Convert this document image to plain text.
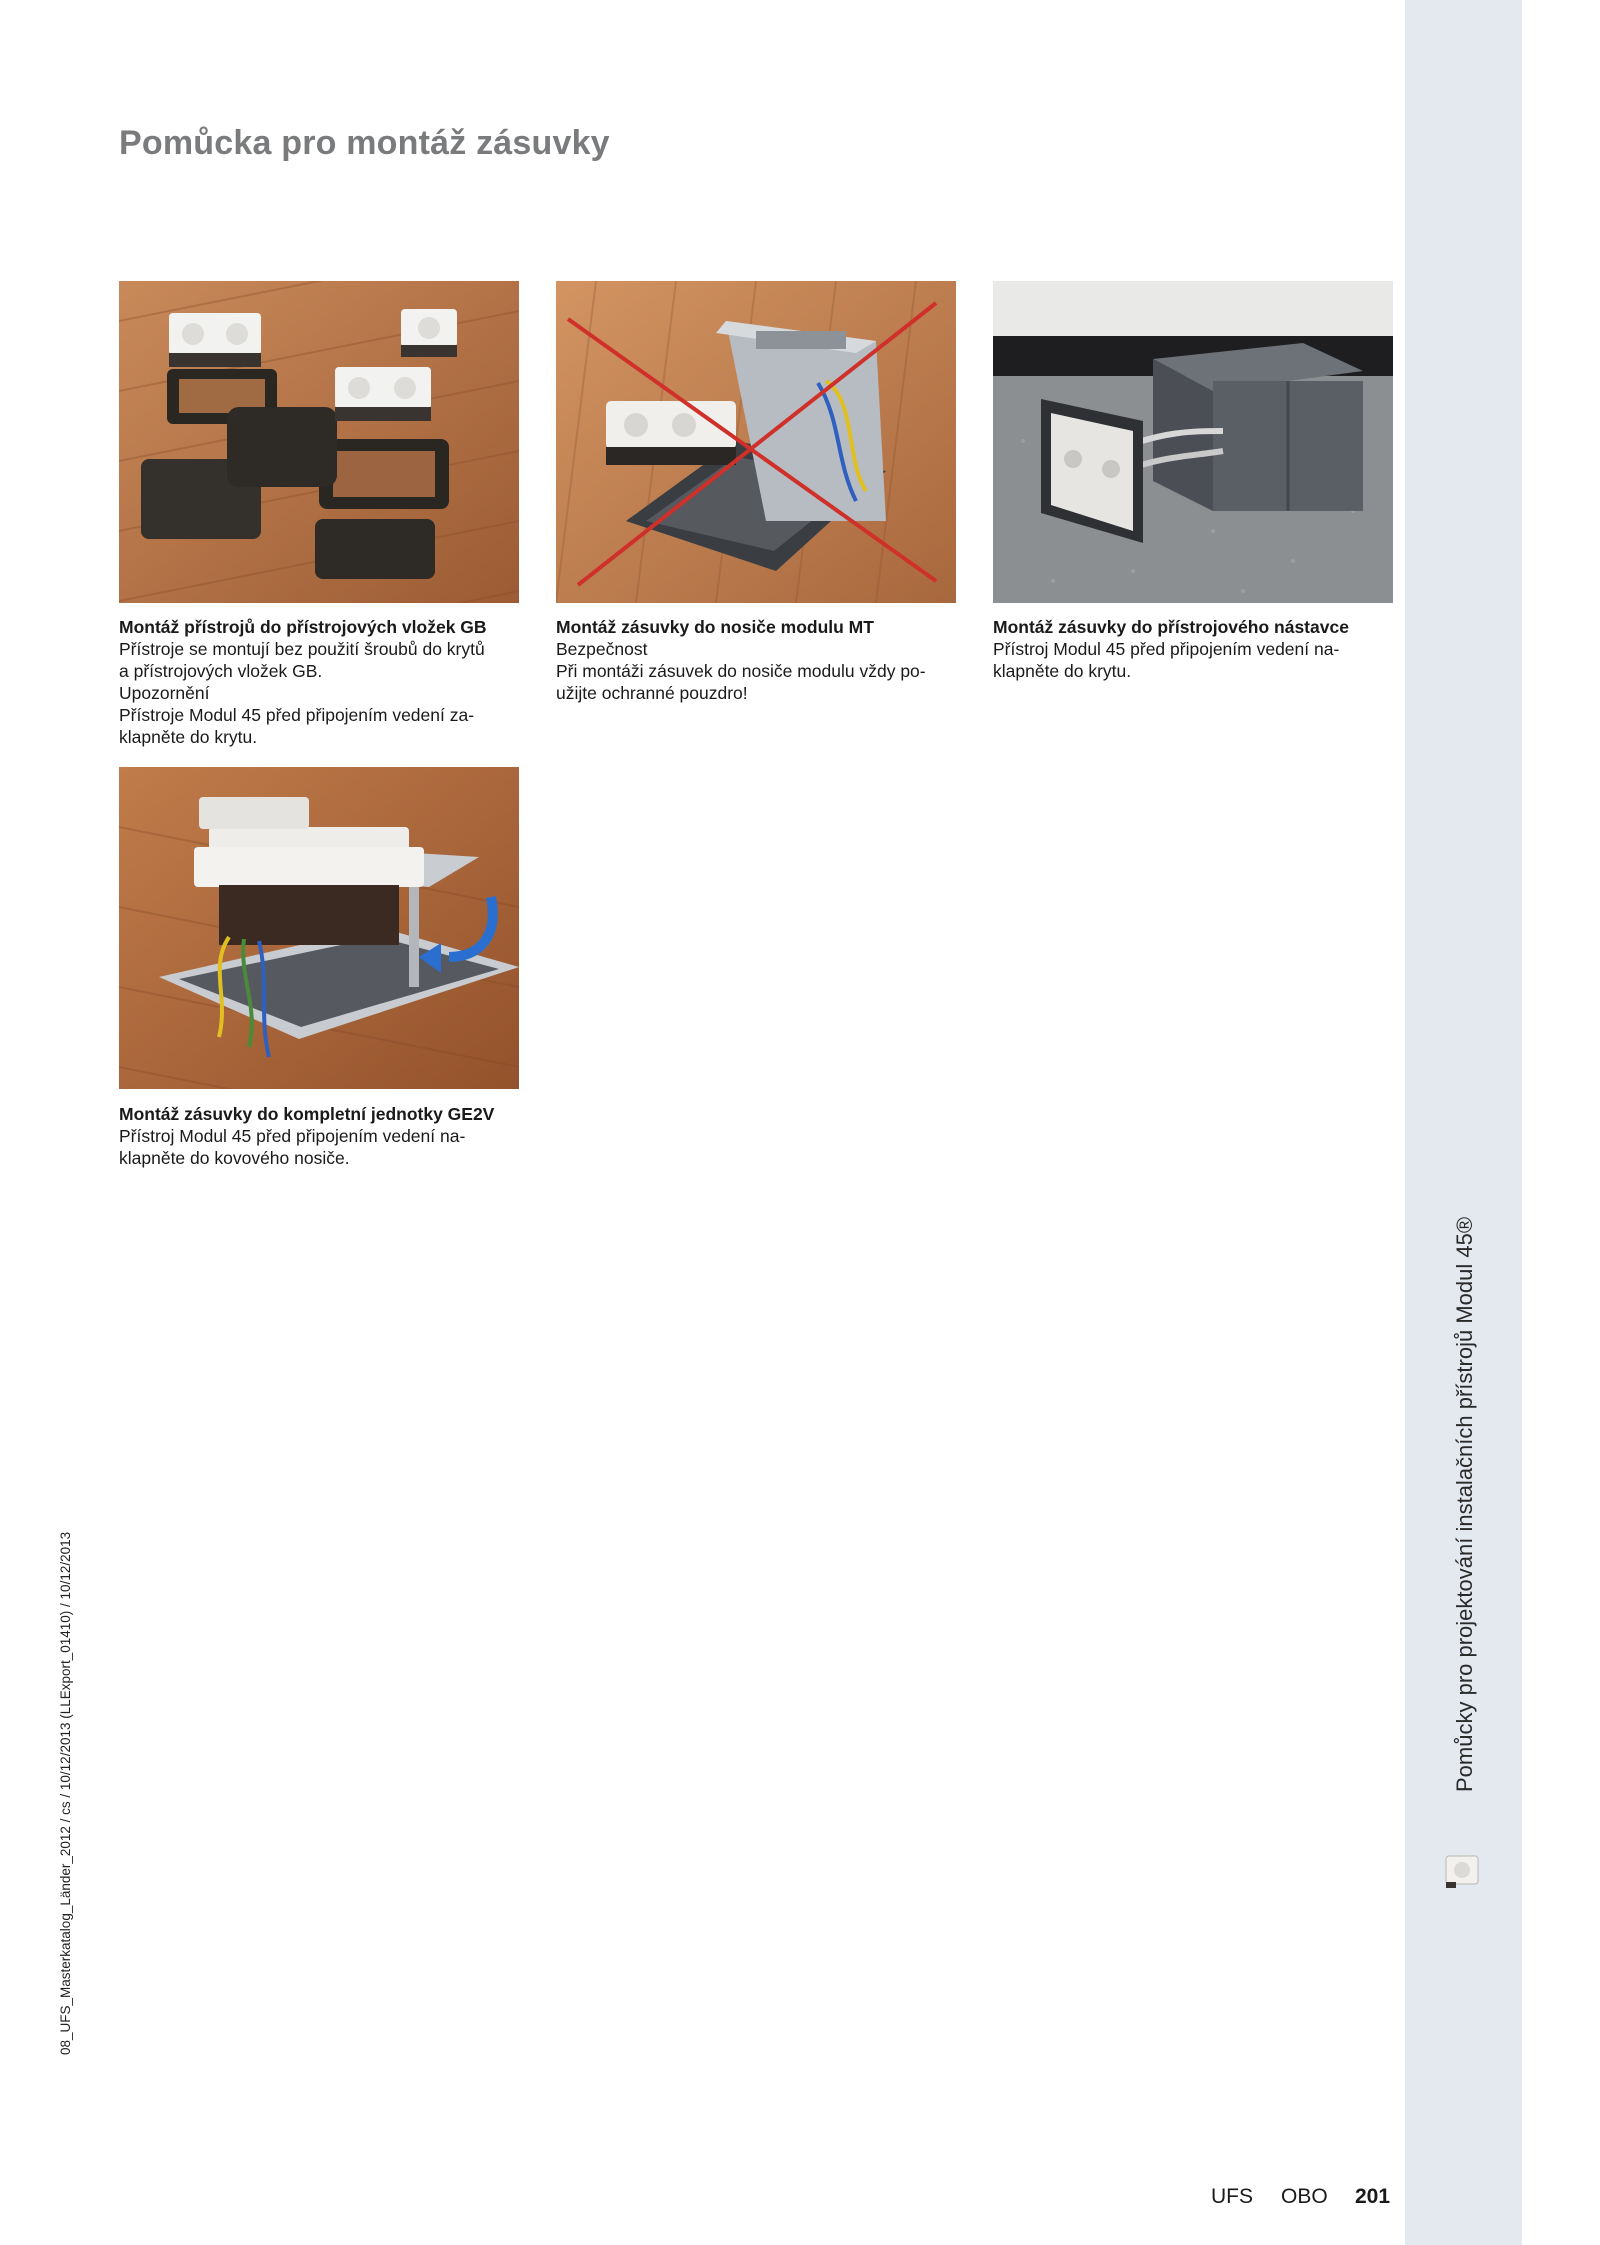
Pomůcka pro montáž zásuvky
Montáž přístrojů do přístrojových vložek GB
Přístroje se montují bez použití šroubů do krytů
a přístrojových vložek GB.
Upozornění
Přístroje Modul 45 před připojením vedení za-
klapněte do krytu.
Montáž zásuvky do nosiče modulu MT
Bezpečnost
Při montáži zásuvek do nosiče modulu vždy po-
užijte ochranné pouzdro!
Montáž zásuvky do přístrojového nástavce
Přístroj Modul 45 před připojením vedení na-
klapněte do krytu.
Montáž zásuvky do kompletní jednotky GE2V
Přístroj Modul 45 před připojením vedení na-
klapněte do kovového nosiče.
08_UFS_Masterkatalog_Länder_2012 / cs / 10/12/2013 (LLExport_01410) / 10/12/2013
Pomůcky pro projektování instalačních přístrojů Modul 45®
UFS OBO 201
